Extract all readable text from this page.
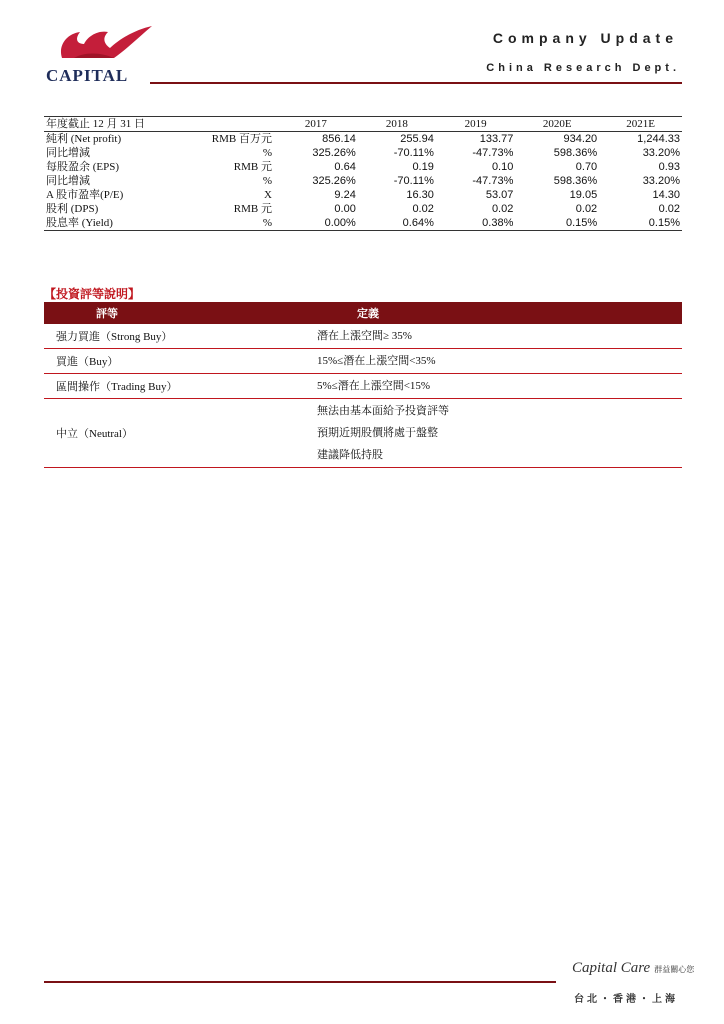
CAPITAL
Company Update
China Research Dept.
年度截止 12 月 31 日		2017	2018	2019	2020E	2021E
純利 (Net profit)	RMB 百万元	856.14	255.94	133.77	934.20	1,244.33
同比增減	%	325.26%	-70.11%	-47.73%	598.36%	33.20%
每股盈余 (EPS)	RMB 元	0.64	0.19	0.10	0.70	0.93
同比增減	%	325.26%	-70.11%	-47.73%	598.36%	33.20%
A 股市盈率(P/E)	X	9.24	16.30	53.07	19.05	14.30
股利 (DPS)	RMB 元	0.00	0.02	0.02	0.02	0.02
股息率 (Yield)	%	0.00%	0.64%	0.38%	0.15%	0.15%
【投資評等說明】
評等	定義
强力買進（Strong Buy）	潛在上漲空間≥ 35%

買進（Buy）	15%≤潛在上漲空間<35%

區間操作（Trading Buy）	5%≤潛在上漲空間<15%

中立（Neutral）	無法由基本面給予投資評等
預期近期股價將處于盤整
建議降低持股
Capital Care 群益關心您
台北・香港・上海
